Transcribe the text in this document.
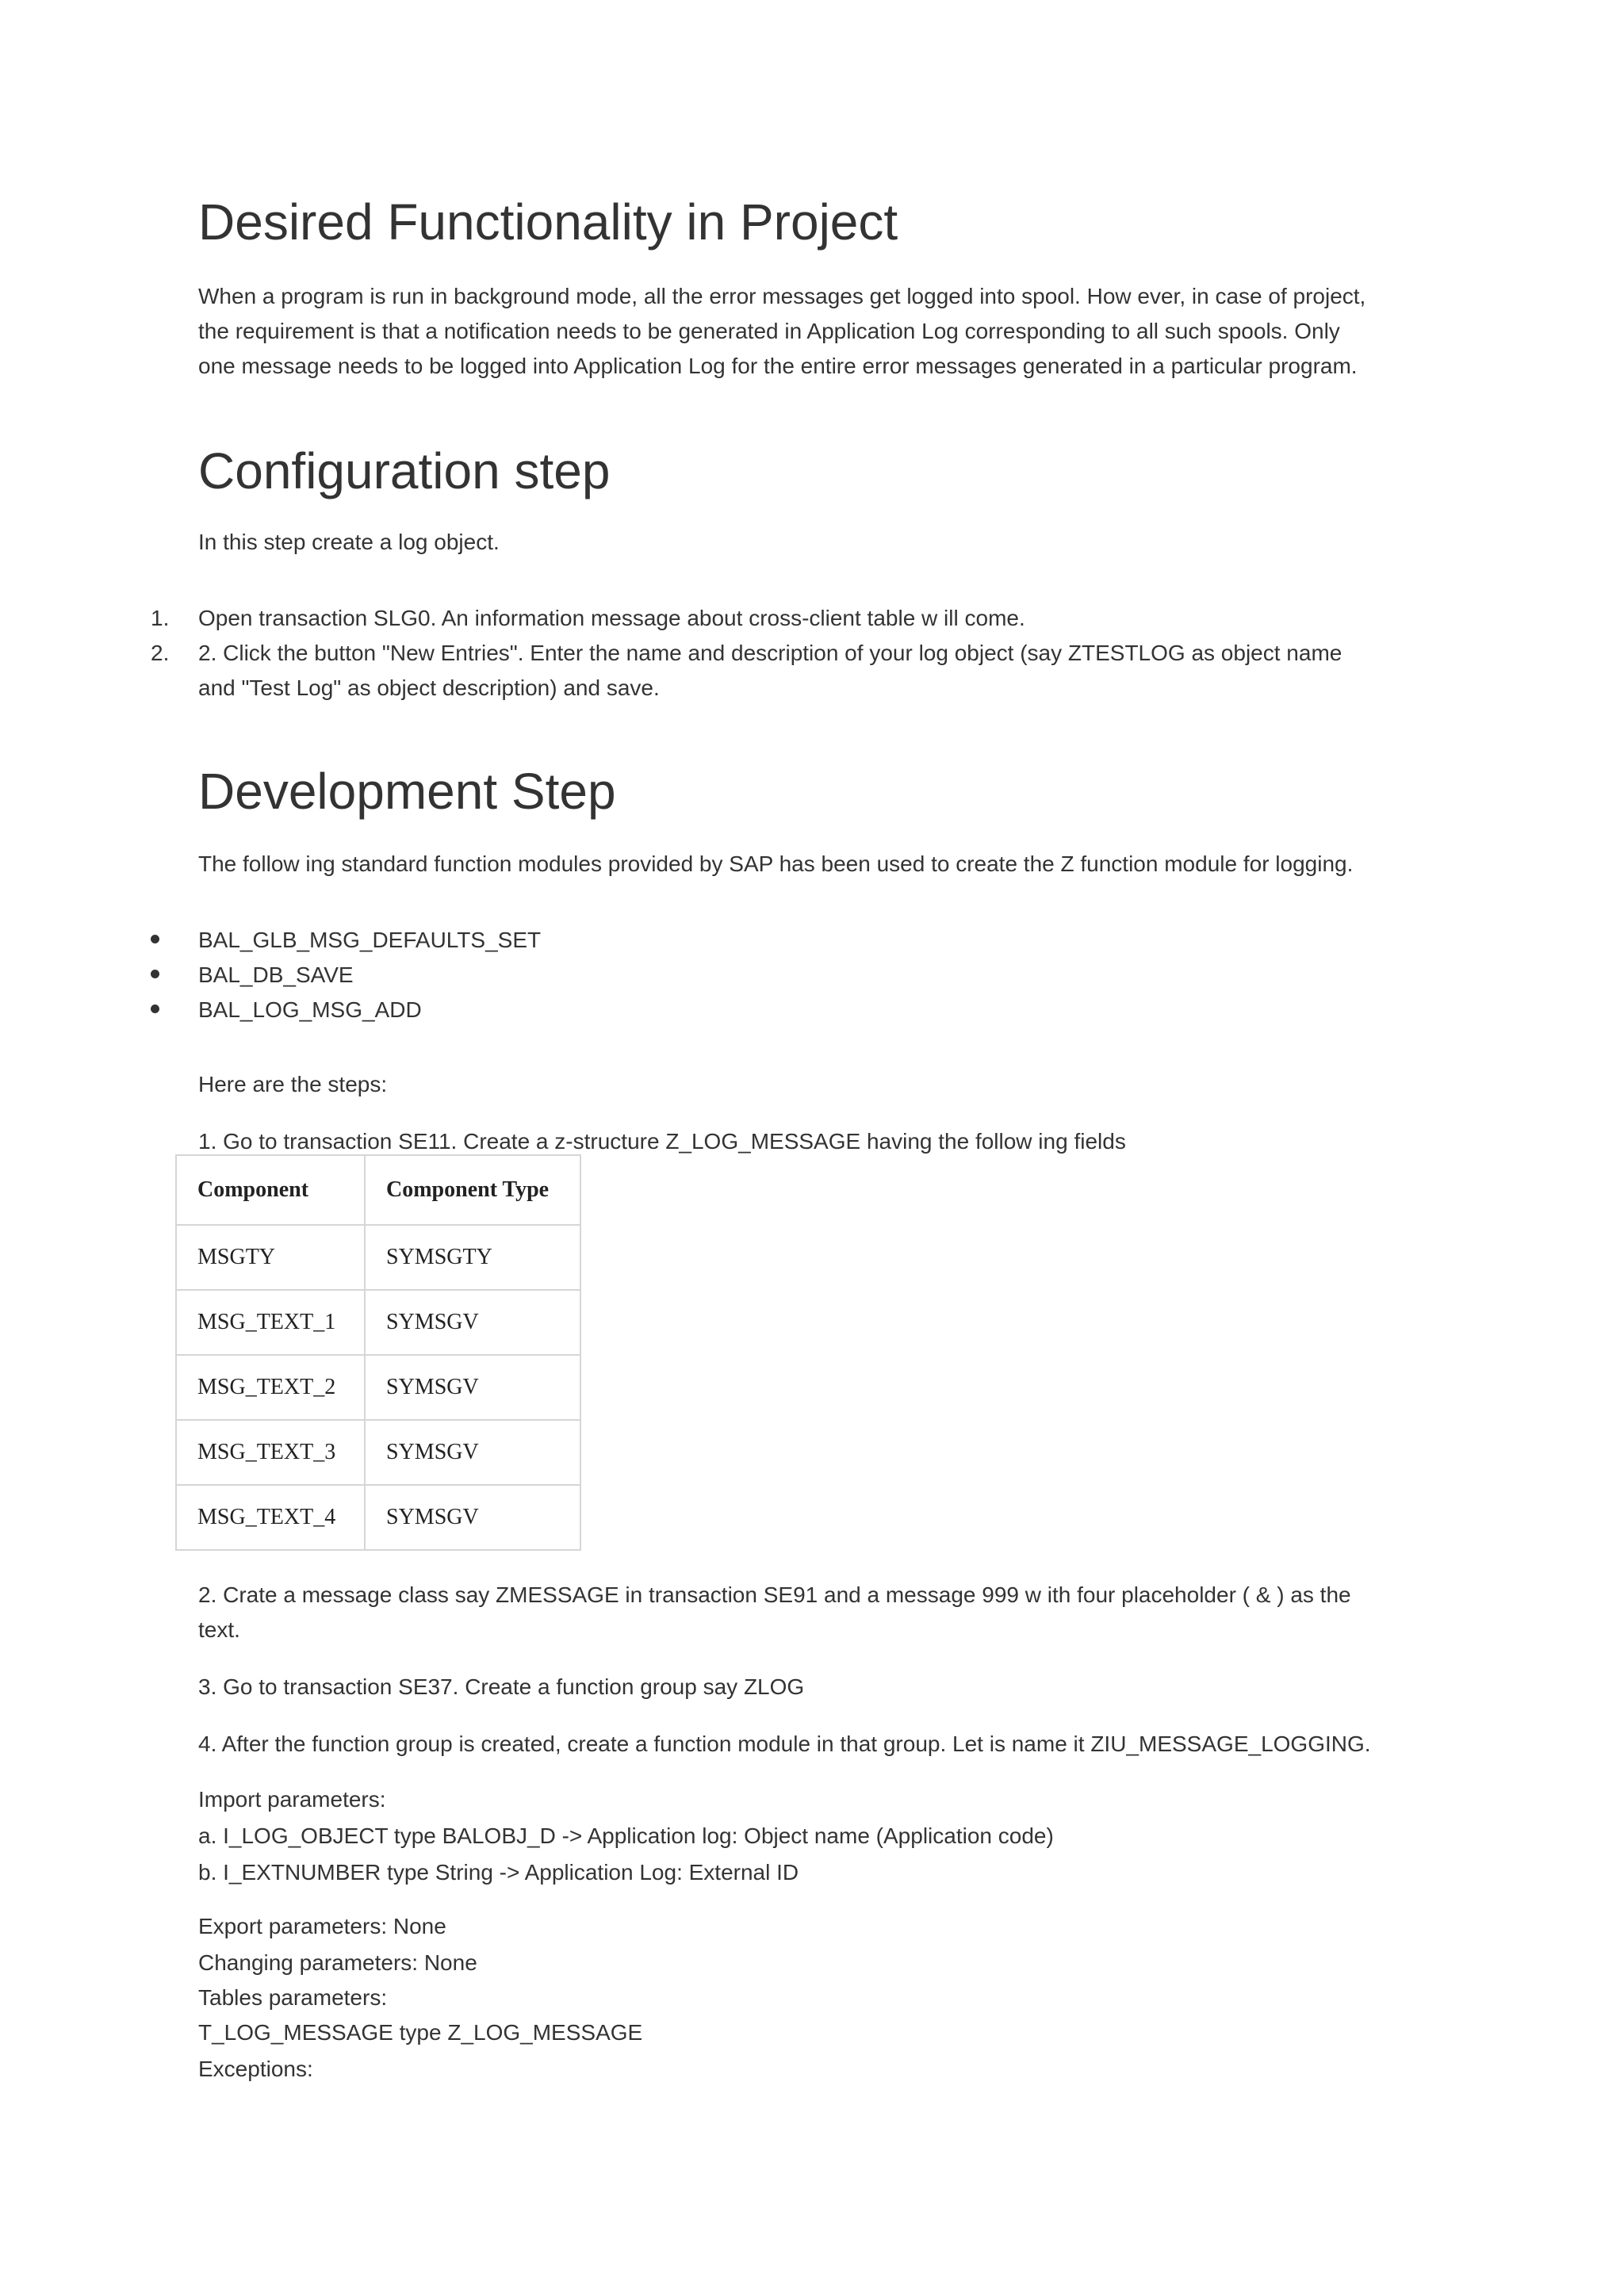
Desired Functionality in Project
When a program is run in background mode, all the error messages get logged into spool. How ever, in case of project,
the requirement is that a notification needs to be generated in Application Log corresponding to all such spools. Only
one message needs to be logged into Application Log for the entire error messages generated in a particular program.
Configuration step
In this step create a log object.
1. Open transaction SLG0. An information message about cross-client table w ill come.
2. 2. Click the button "New Entries". Enter the name and description of your log object (say ZTESTLOG as object name
and "Test Log" as object description) and save.
Development Step
The follow ing standard function modules provided by SAP has been used to create the Z function module for logging.
BAL_GLB_MSG_DEFAULTS_SET
BAL_DB_SAVE
BAL_LOG_MSG_ADD
Here are the steps:
1. Go to transaction SE11. Create a z-structure Z_LOG_MESSAGE having the follow ing fields
Component	Component Type
MSGTY	SYMSGTY
MSG_TEXT_1	SYMSGV
MSG_TEXT_2	SYMSGV
MSG_TEXT_3	SYMSGV
MSG_TEXT_4	SYMSGV
2. Crate a message class say ZMESSAGE in transaction SE91 and a message 999 w ith four placeholder ( & ) as the
text.
3. Go to transaction SE37. Create a function group say ZLOG
4. After the function group is created, create a function module in that group. Let is name it ZIU_MESSAGE_LOGGING.
Import parameters:
a. I_LOG_OBJECT type BALOBJ_D -> Application log: Object name (Application code)
b. I_EXTNUMBER type String -> Application Log: External ID
Export parameters: None
Changing parameters: None
Tables parameters:
T_LOG_MESSAGE type Z_LOG_MESSAGE
Exceptions:
